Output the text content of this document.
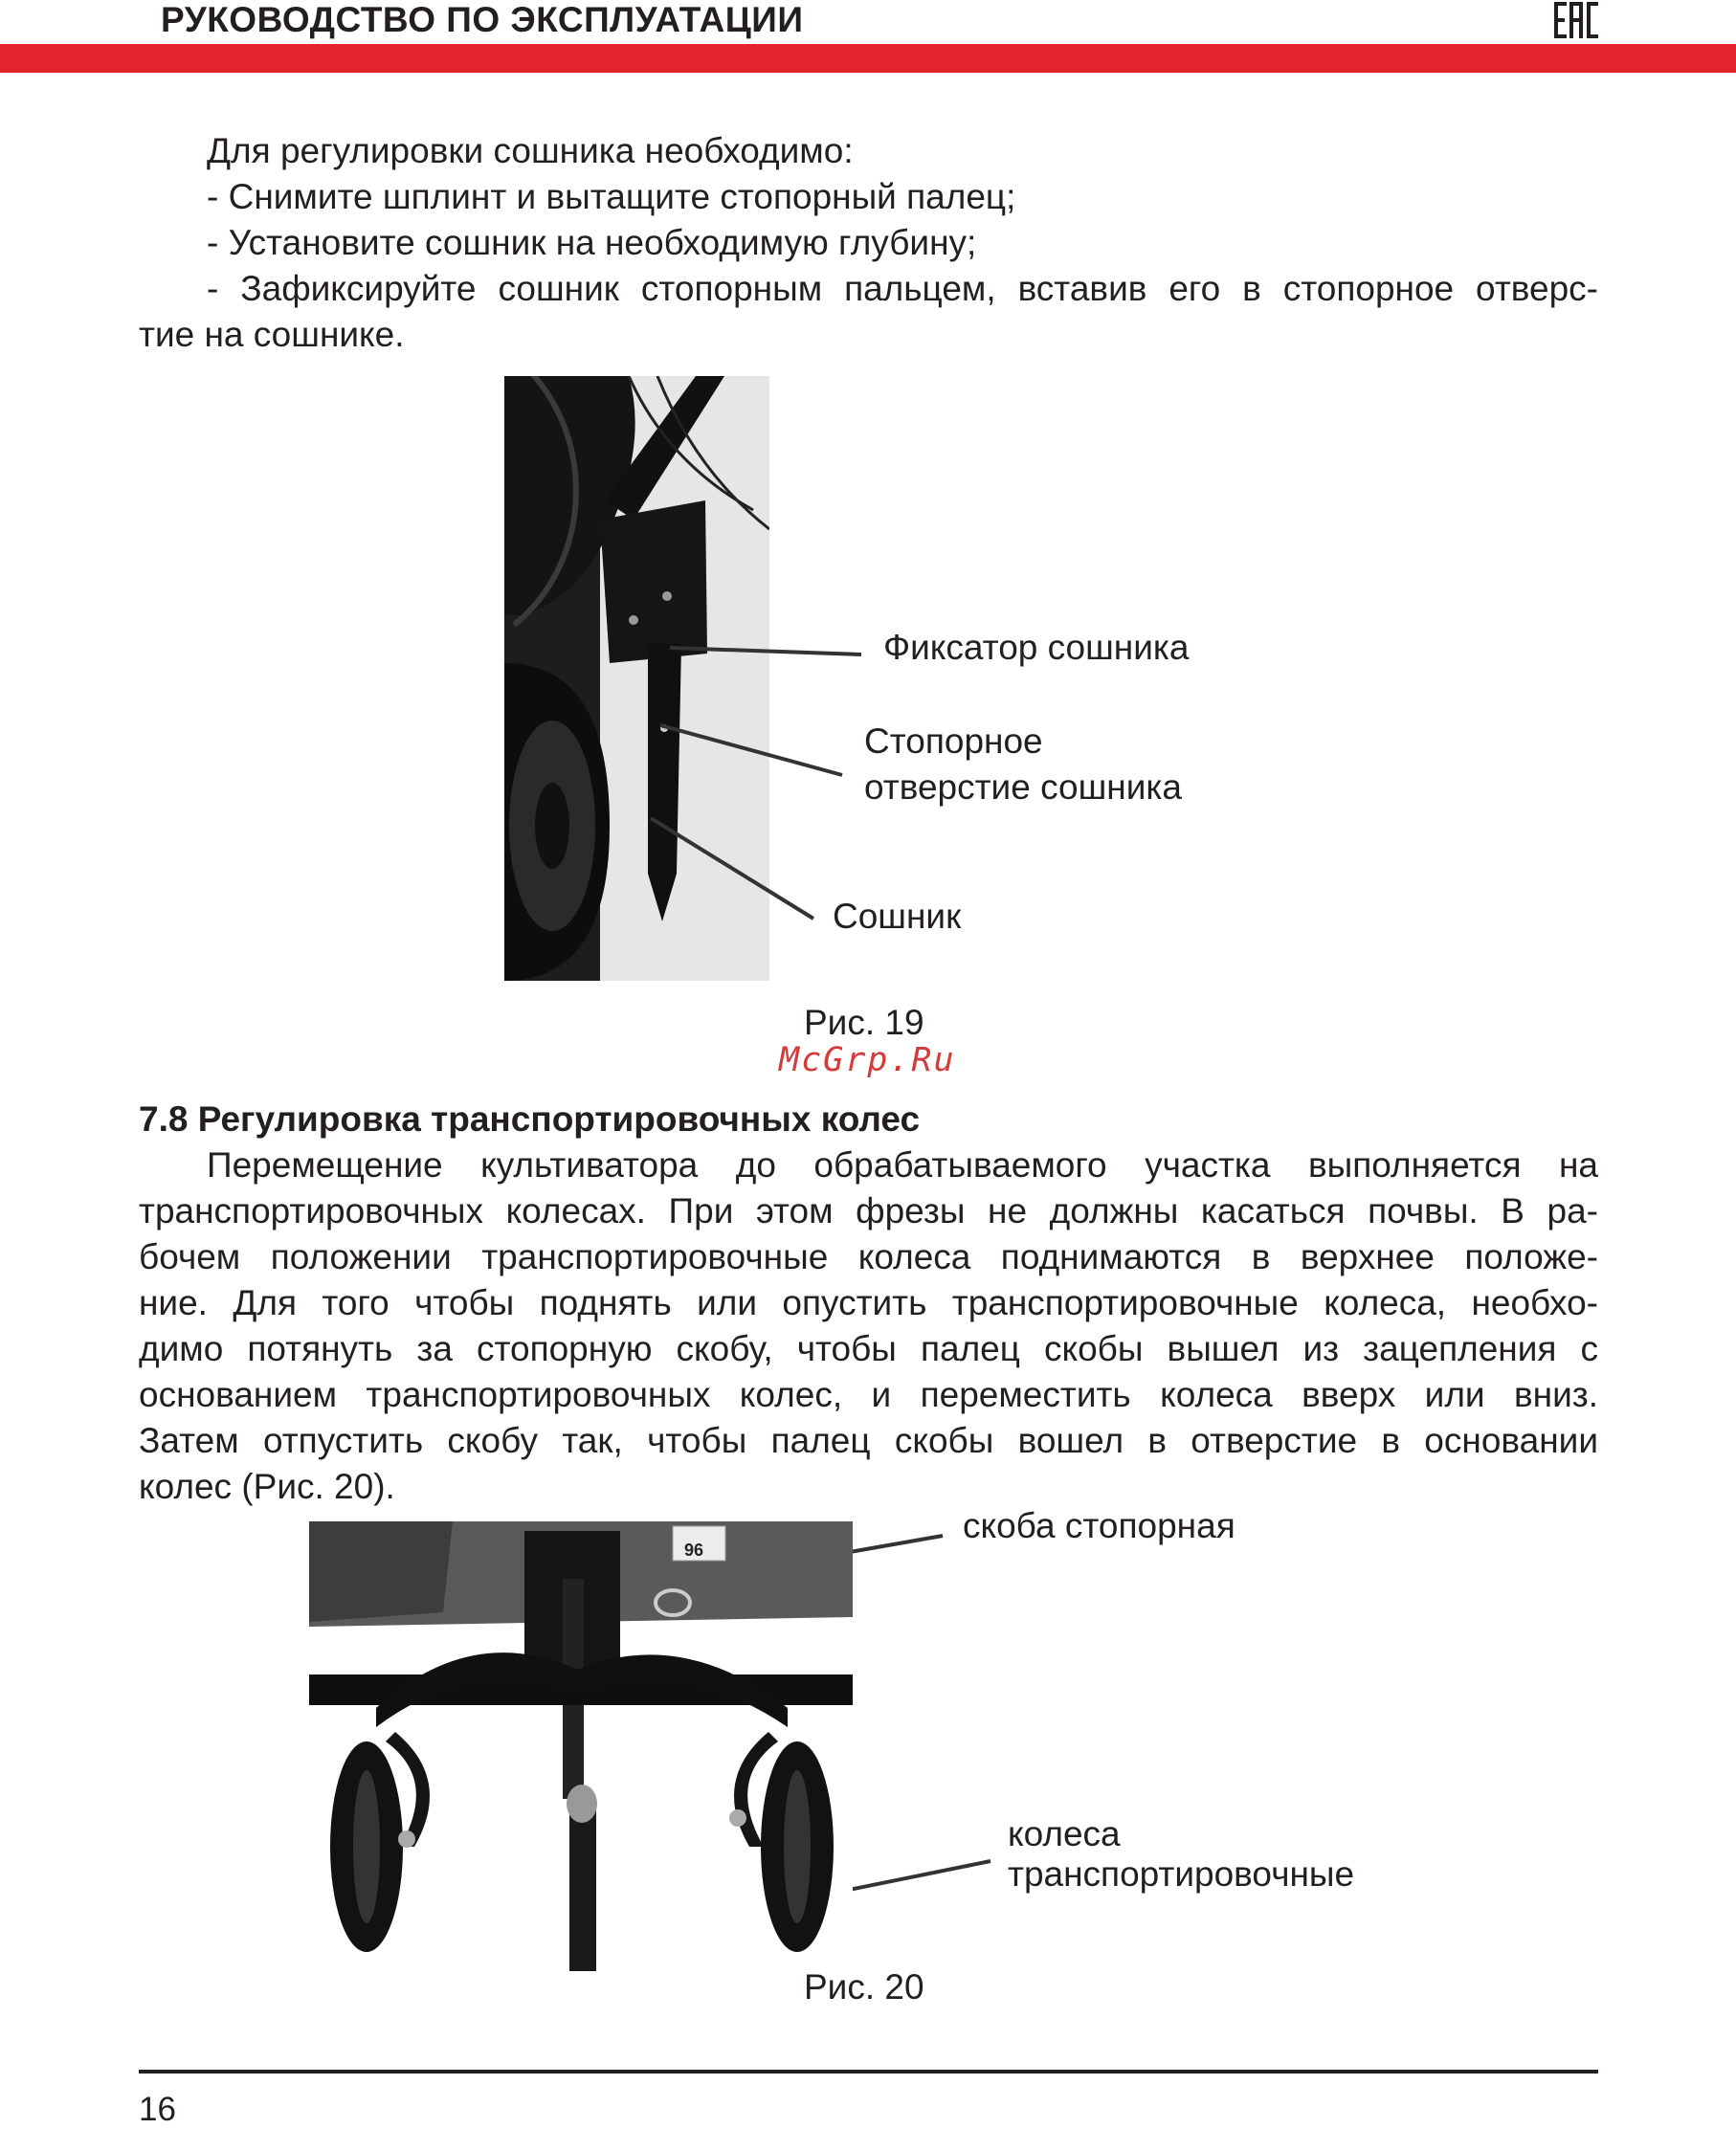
РУКОВОДСТВО ПО ЭКСПЛУАТАЦИИ
Для регулировки сошника необходимо:
- Снимите шплинт и вытащите стопорный палец;
- Установите сошник на необходимую глубину;
- Зафиксируйте сошник стопорным пальцем, вставив его в стопорное отверс-
тие на сошнике.
Фиксатор сошника
Стопорное
отверстие сошника
Сошник
Рис. 19
McGrp.Ru
7.8 Регулировка транспортировочных колес
Перемещение культиватора до обрабатываемого участка выполняется на
транспортировочных колесах. При этом фрезы не должны касаться почвы. В ра-
бочем положении транспортировочные колеса поднимаются в верхнее положе-
ние. Для того чтобы поднять или опустить транспортировочные колеса, необхо-
димо потянуть за стопорную скобу, чтобы палец скобы вышел из зацепления с
основанием транспортировочных колес, и переместить колеса вверх или вниз.
Затем отпустить скобу так, чтобы палец скобы вошел в отверстие в основании
колес (Рис. 20).
96
скоба стопорная
колеса
транспортировочные
Рис. 20
16
